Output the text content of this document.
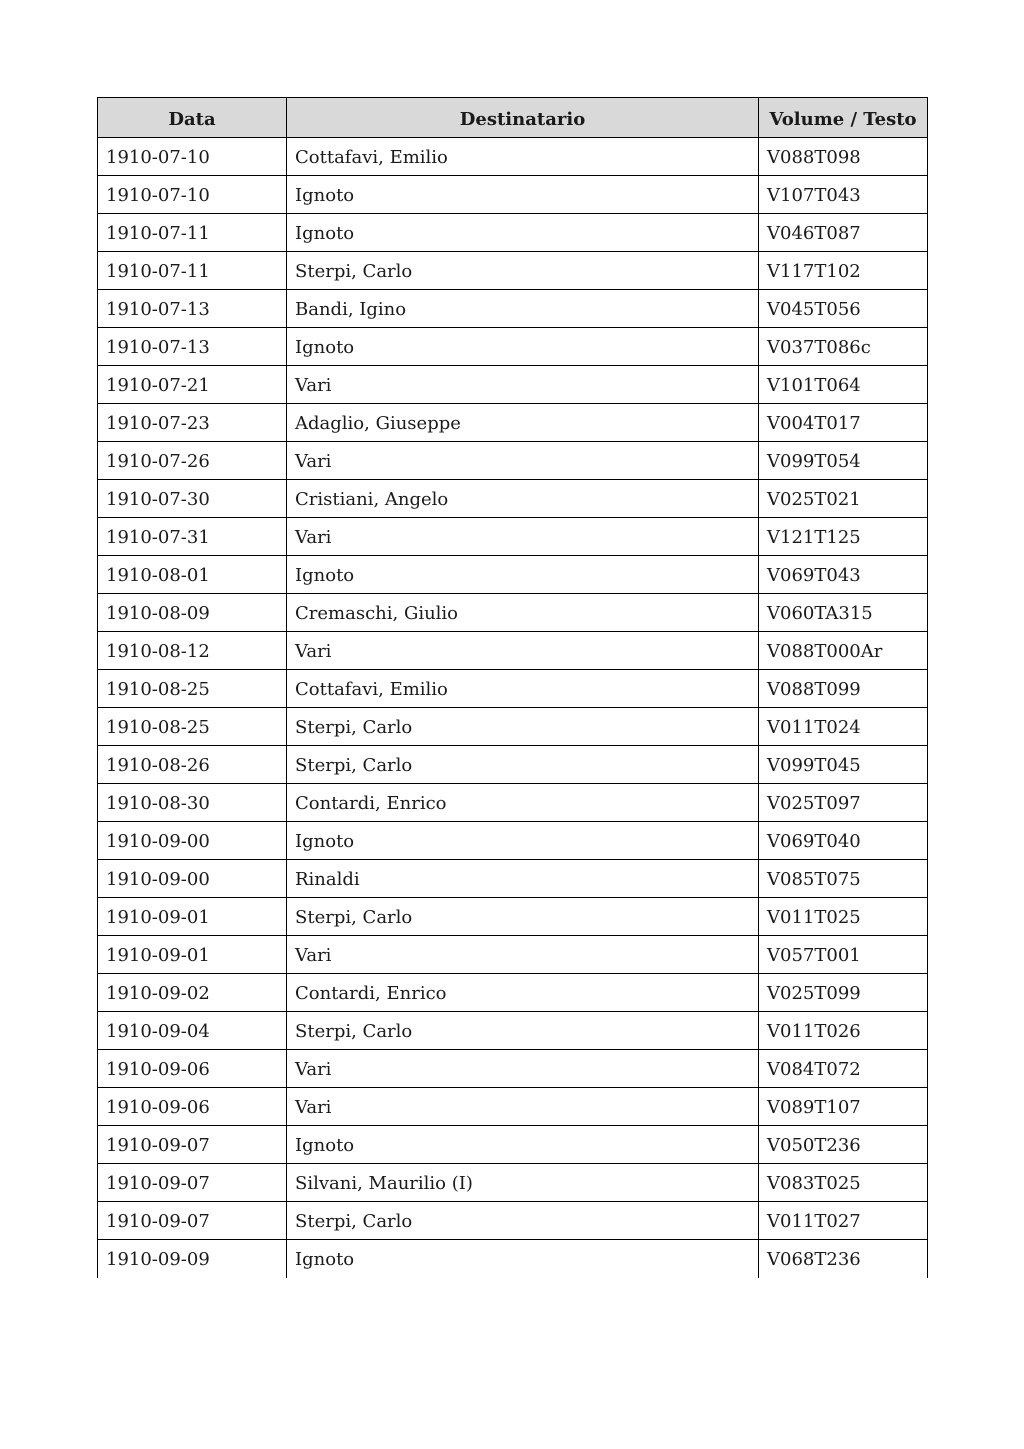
Data	Destinatario	Volume / Testo
1910-07-10	Cottafavi, Emilio	V088T098
1910-07-10	Ignoto	V107T043
1910-07-11	Ignoto	V046T087
1910-07-11	Sterpi, Carlo	V117T102
1910-07-13	Bandi, Igino	V045T056
1910-07-13	Ignoto	V037T086c
1910-07-21	Vari	V101T064
1910-07-23	Adaglio, Giuseppe	V004T017
1910-07-26	Vari	V099T054
1910-07-30	Cristiani, Angelo	V025T021
1910-07-31	Vari	V121T125
1910-08-01	Ignoto	V069T043
1910-08-09	Cremaschi, Giulio	V060TA315
1910-08-12	Vari	V088T000Ar
1910-08-25	Cottafavi, Emilio	V088T099
1910-08-25	Sterpi, Carlo	V011T024
1910-08-26	Sterpi, Carlo	V099T045
1910-08-30	Contardi, Enrico	V025T097
1910-09-00	Ignoto	V069T040
1910-09-00	Rinaldi	V085T075
1910-09-01	Sterpi, Carlo	V011T025
1910-09-01	Vari	V057T001
1910-09-02	Contardi, Enrico	V025T099
1910-09-04	Sterpi, Carlo	V011T026
1910-09-06	Vari	V084T072
1910-09-06	Vari	V089T107
1910-09-07	Ignoto	V050T236
1910-09-07	Silvani, Maurilio (I)	V083T025
1910-09-07	Sterpi, Carlo	V011T027
1910-09-09	Ignoto	V068T236
